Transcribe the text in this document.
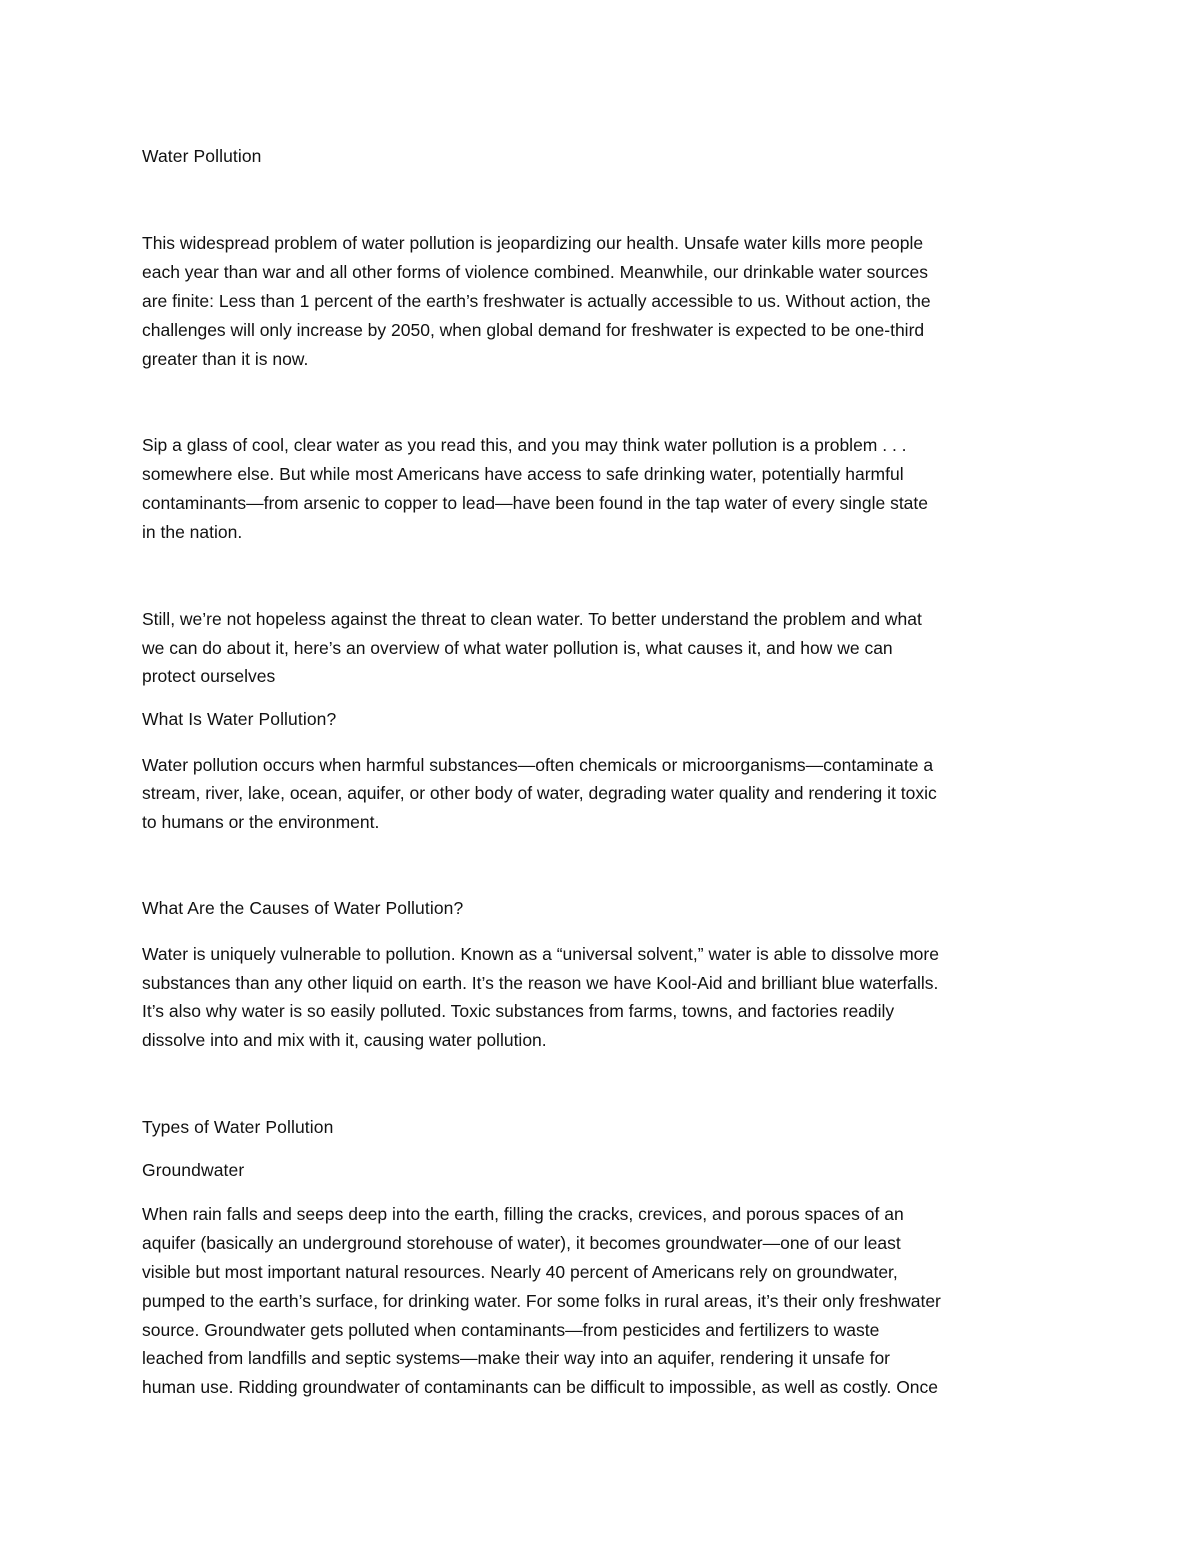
Water Pollution

This widespread problem of water pollution is jeopardizing our health. Unsafe water kills more people

each year than war and all other forms of violence combined. Meanwhile, our drinkable water sources

are finite: Less than 1 percent of the earth’s freshwater is actually accessible to us. Without action, the

challenges will only increase by 2050, when global demand for freshwater is expected to be one-third

greater than it is now.

Sip a glass of cool, clear water as you read this, and you may think water pollution is a problem . . .

somewhere else. But while most Americans have access to safe drinking water, potentially harmful

contaminants—from arsenic to copper to lead—have been found in the tap water of every single state

in the nation.

Still, we’re not hopeless against the threat to clean water. To better understand the problem and what

we can do about it, here’s an overview of what water pollution is, what causes it, and how we can

protect ourselves

What Is Water Pollution?

Water pollution occurs when harmful substances—often chemicals or microorganisms—contaminate a

stream, river, lake, ocean, aquifer, or other body of water, degrading water quality and rendering it toxic

to humans or the environment.

What Are the Causes of Water Pollution?

Water is uniquely vulnerable to pollution. Known as a “universal solvent,” water is able to dissolve more

substances than any other liquid on earth. It’s the reason we have Kool-Aid and brilliant blue waterfalls.

It’s also why water is so easily polluted. Toxic substances from farms, towns, and factories readily

dissolve into and mix with it, causing water pollution.

Types of Water Pollution

Groundwater

When rain falls and seeps deep into the earth, filling the cracks, crevices, and porous spaces of an

aquifer (basically an underground storehouse of water), it becomes groundwater—one of our least

visible but most important natural resources. Nearly 40 percent of Americans rely on groundwater,

pumped to the earth’s surface, for drinking water. For some folks in rural areas, it’s their only freshwater

source. Groundwater gets polluted when contaminants—from pesticides and fertilizers to waste

leached from landfills and septic systems—make their way into an aquifer, rendering it unsafe for

human use. Ridding groundwater of contaminants can be difficult to impossible, as well as costly. Once
